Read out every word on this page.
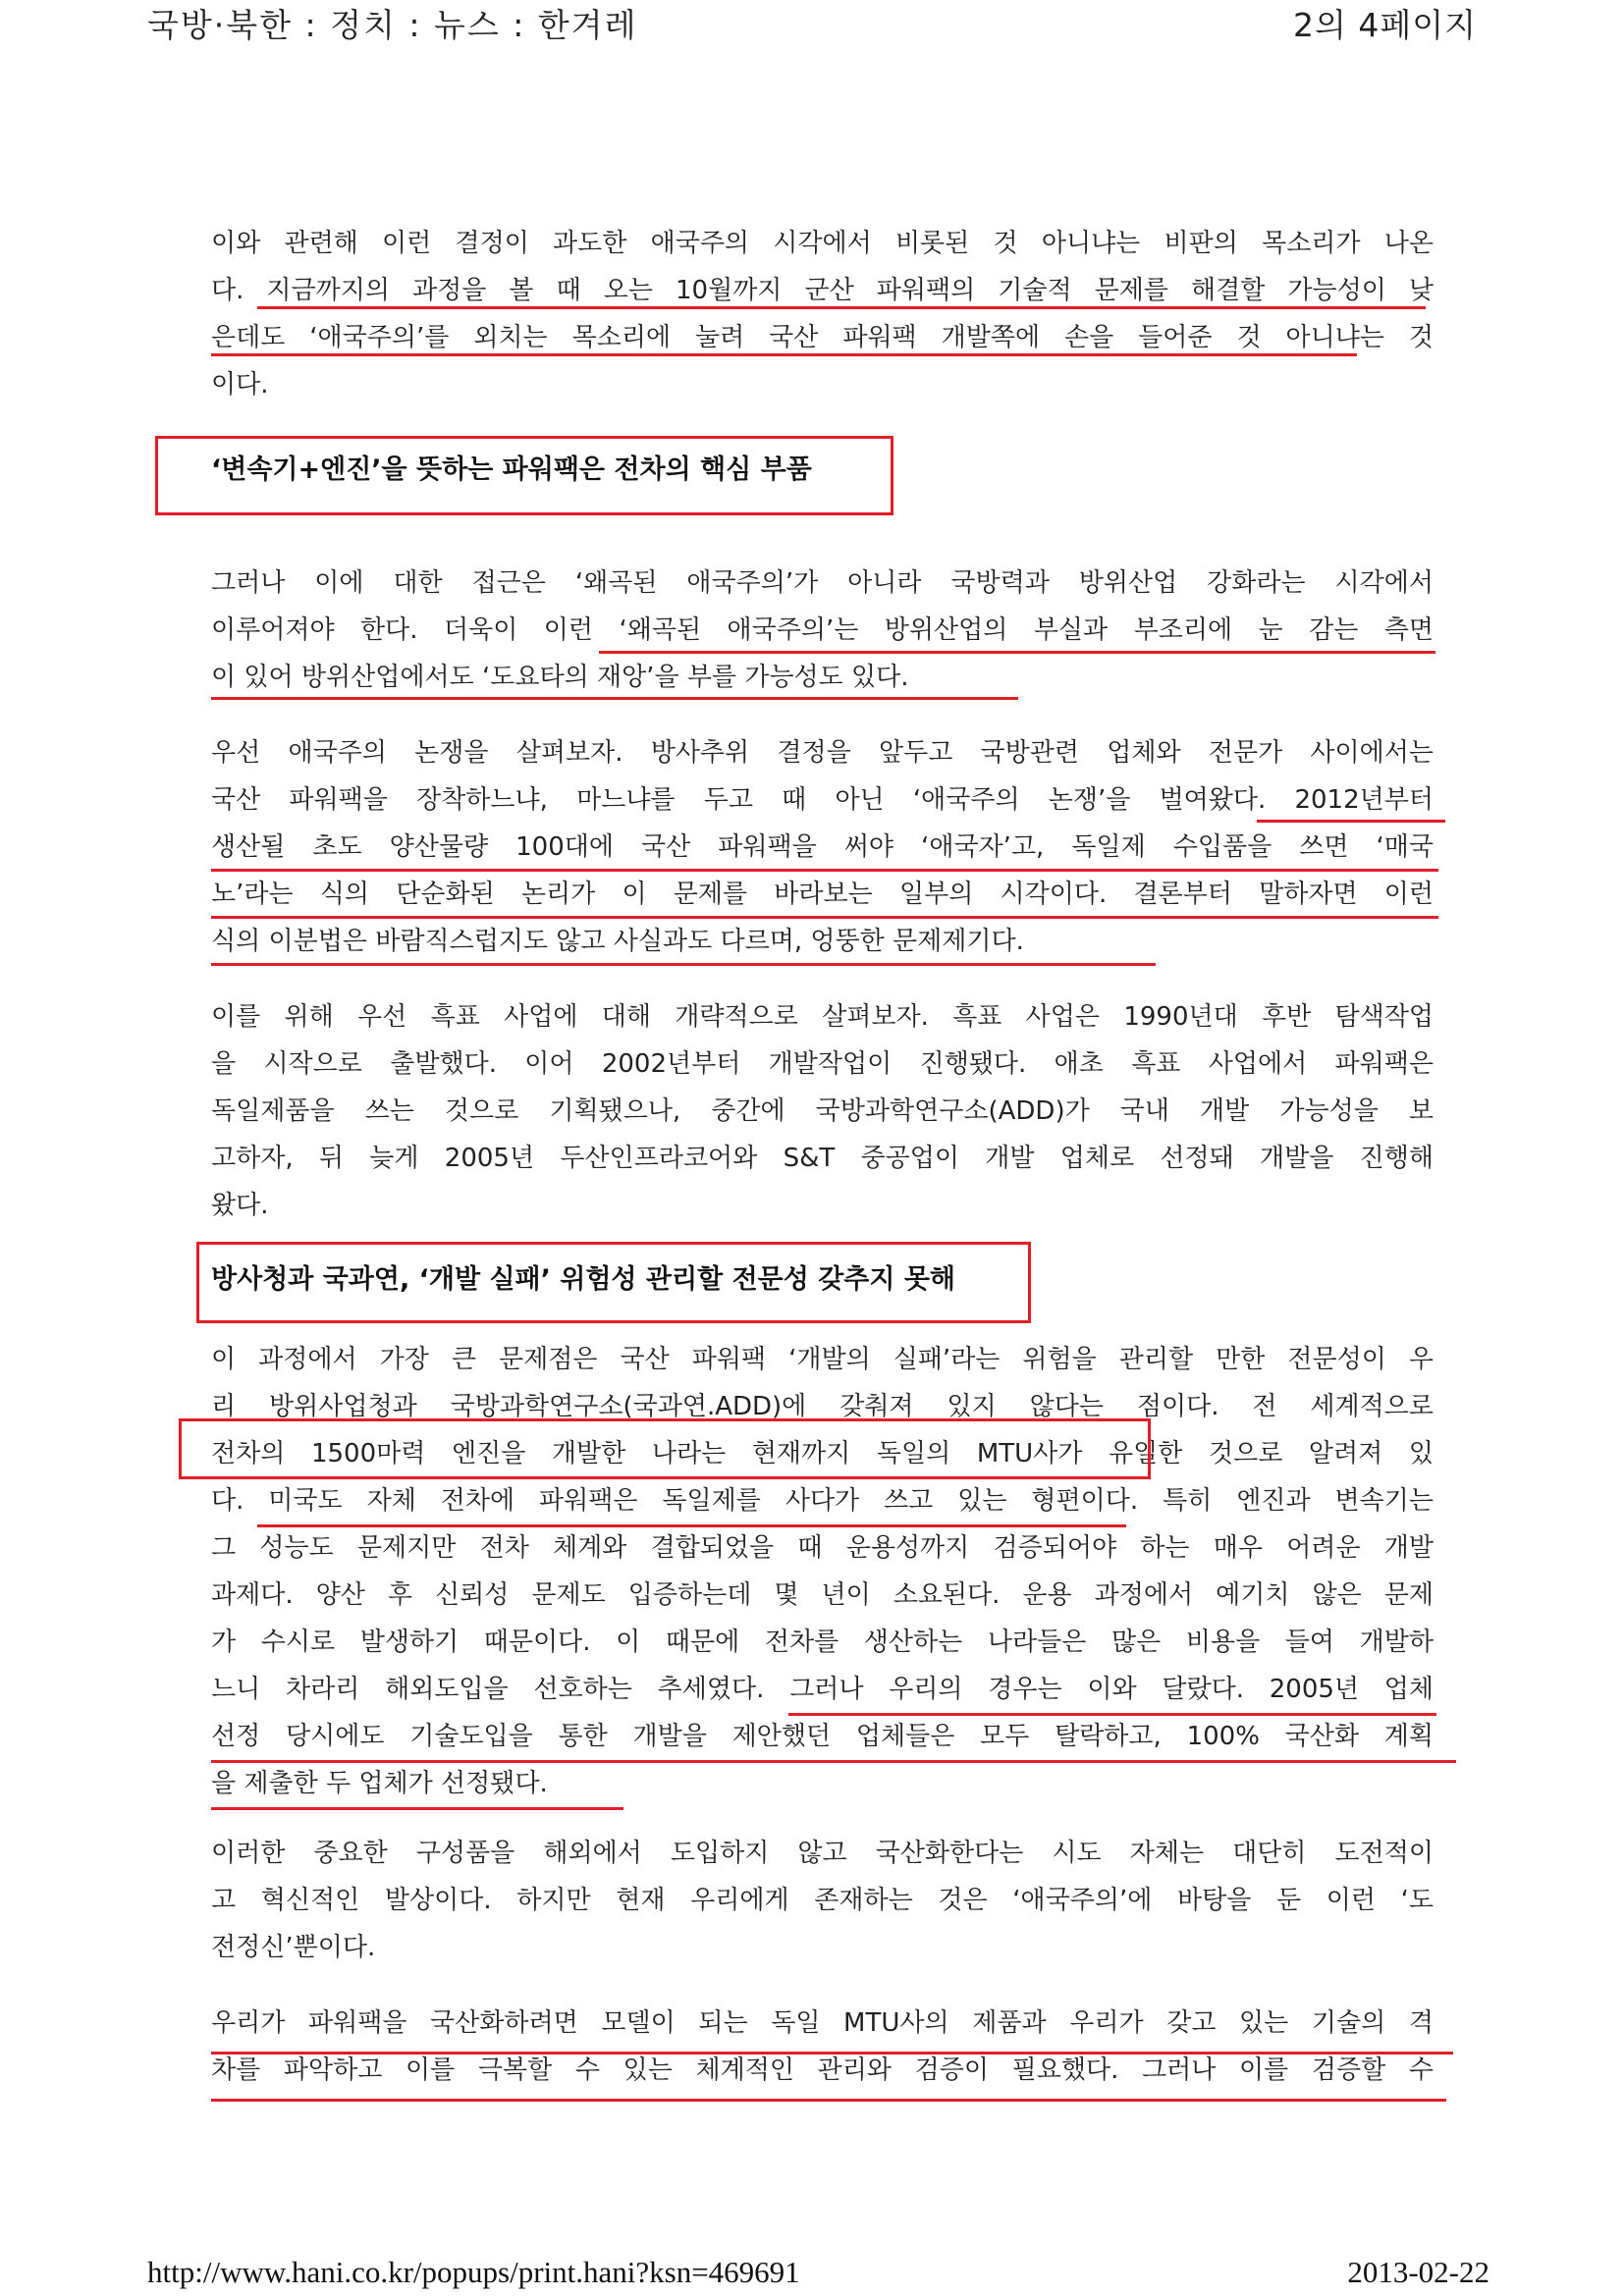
국방·북한 : 정치 : 뉴스 : 한겨레	2의 4페이지
이와 관련해 이런 결정이 과도한 애국주의 시각에서 비롯된 것 아니냐는 비판의 목소리가 나온
다. 지금까지의 과정을 볼 때 오는 10월까지 군산 파워팩의 기술적 문제를 해결할 가능성이 낮
은데도 ‘애국주의’를 외치는 목소리에 눌려 국산 파워팩 개발쪽에 손을 들어준 것 아니냐는 것
이다.
‘변속기+엔진’을 뜻하는 파워팩은 전차의 핵심 부품
그러나 이에 대한 접근은 ‘왜곡된 애국주의’가 아니라 국방력과 방위산업 강화라는 시각에서
이루어져야 한다. 더욱이 이런 ‘왜곡된 애국주의’는 방위산업의 부실과 부조리에 눈 감는 측면
이 있어 방위산업에서도 ‘도요타의 재앙’을 부를 가능성도 있다.
우선 애국주의 논쟁을 살펴보자. 방사추위 결정을 앞두고 국방관련 업체와 전문가 사이에서는
국산 파워팩을 장착하느냐, 마느냐를 두고 때 아닌 ‘애국주의 논쟁’을 벌여왔다. 2012년부터
생산될 초도 양산물량 100대에 국산 파워팩을 써야 ‘애국자’고, 독일제 수입품을 쓰면 ‘매국
노’라는 식의 단순화된 논리가 이 문제를 바라보는 일부의 시각이다. 결론부터 말하자면 이런
식의 이분법은 바람직스럽지도 않고 사실과도 다르며, 엉뚱한 문제제기다.
이를 위해 우선 흑표 사업에 대해 개략적으로 살펴보자. 흑표 사업은 1990년대 후반 탐색작업
을 시작으로 출발했다. 이어 2002년부터 개발작업이 진행됐다. 애초 흑표 사업에서 파워팩은
독일제품을 쓰는 것으로 기획됐으나, 중간에 국방과학연구소(ADD)가 국내 개발 가능성을 보
고하자, 뒤 늦게 2005년 두산인프라코어와 S&T 중공업이 개발 업체로 선정돼 개발을 진행해
왔다.
방사청과 국과연, ‘개발 실패’ 위험성 관리할 전문성 갖추지 못해
이 과정에서 가장 큰 문제점은 국산 파워팩 ‘개발의 실패’라는 위험을 관리할 만한 전문성이 우
리 방위사업청과 국방과학연구소(국과연.ADD)에 갖춰져 있지 않다는 점이다. 전 세계적으로
전차의 1500마력 엔진을 개발한 나라는 현재까지 독일의 MTU사가 유일한 것으로 알려져 있
다. 미국도 자체 전차에 파워팩은 독일제를 사다가 쓰고 있는 형편이다. 특히 엔진과 변속기는
그 성능도 문제지만 전차 체계와 결합되었을 때 운용성까지 검증되어야 하는 매우 어려운 개발
과제다. 양산 후 신뢰성 문제도 입증하는데 몇 년이 소요된다. 운용 과정에서 예기치 않은 문제
가 수시로 발생하기 때문이다. 이 때문에 전차를 생산하는 나라들은 많은 비용을 들여 개발하
느니 차라리 해외도입을 선호하는 추세였다. 그러나 우리의 경우는 이와 달랐다. 2005년 업체
선정 당시에도 기술도입을 통한 개발을 제안했던 업체들은 모두 탈락하고, 100% 국산화 계획
을 제출한 두 업체가 선정됐다.
이러한 중요한 구성품을 해외에서 도입하지 않고 국산화한다는 시도 자체는 대단히 도전적이
고 혁신적인 발상이다. 하지만 현재 우리에게 존재하는 것은 ‘애국주의’에 바탕을 둔 이런 ‘도
전정신’뿐이다.
우리가 파워팩을 국산화하려면 모델이 되는 독일 MTU사의 제품과 우리가 갖고 있는 기술의 격
차를 파악하고 이를 극복할 수 있는 체계적인 관리와 검증이 필요했다. 그러나 이를 검증할 수
http://www.hani.co.kr/popups/print.hani?ksn=469691	2013-02-22
